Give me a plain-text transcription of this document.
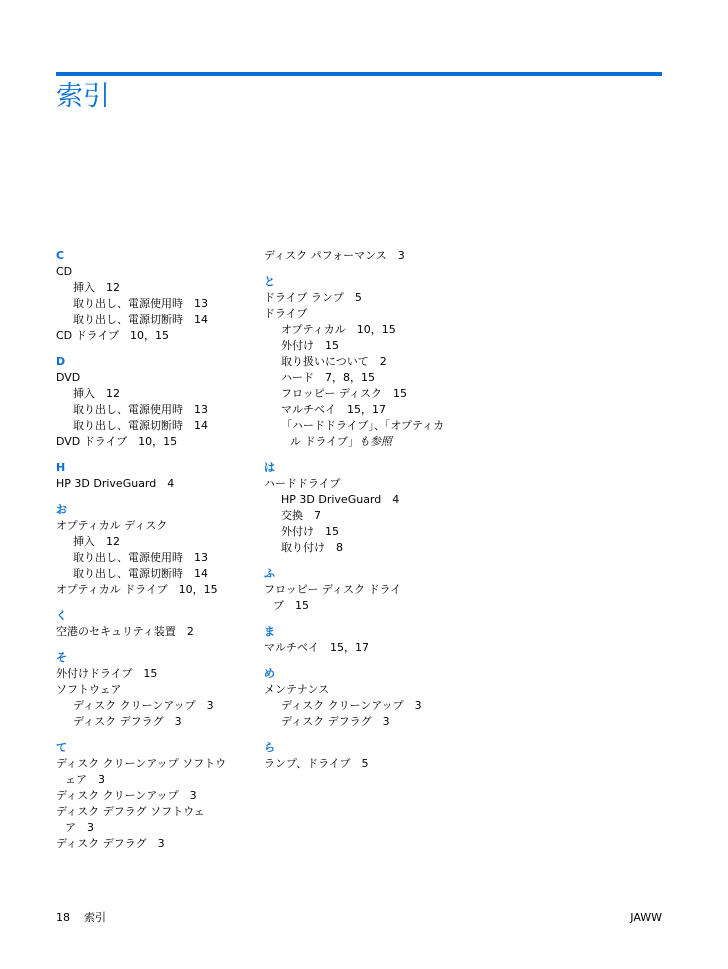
索引
C
CD
挿入　12
取り出し、電源使用時　13
取り出し、電源切断時　14
CD ドライブ　10，15
D
DVD
挿入　12
取り出し、電源使用時　13
取り出し、電源切断時　14
DVD ドライブ　10，15
H
HP 3D DriveGuard　4
お
オプティカル ディスク
挿入　12
取り出し、電源使用時　13
取り出し、電源切断時　14
オプティカル ドライブ　10，15
く
空港のセキュリティ装置　2
そ
外付けドライブ　15
ソフトウェア
ディスク クリーンアップ　3
ディスク デフラグ　3
て
ディスク クリーンアップ ソフトウ
ェア　3
ディスク クリーンアップ　3
ディスク デフラグ ソフトウェ
ア　3
ディスク デフラグ　3
ディスク パフォーマンス　3
と
ドライブ ランプ　5
ドライブ
オプティカル　10，15
外付け　15
取り扱いについて　2
ハード　7，8，15
フロッピー ディスク　15
マルチベイ　15，17
「ハードドライブ」、「オプティカ
ル ドライブ」も参照
は
ハードドライブ
HP 3D DriveGuard　4
交換　7
外付け　15
取り付け　8
ふ
フロッピー ディスク ドライ
ブ　15
ま
マルチベイ　15，17
め
メンテナンス
ディスク クリーンアップ　3
ディスク デフラグ　3
ら
ランプ、ドライブ　5
18 索引	JAWW
